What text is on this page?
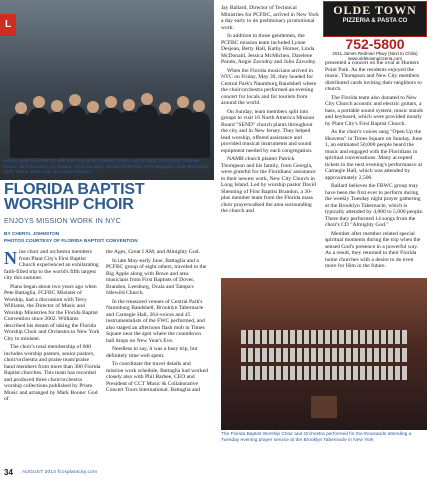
L
Mission team from FBCPC with their host at the Gallery Church. Left to Right: Jack Smith, Darlene Pondo, John Zavodny, Jay Ballard, Angie Zavodny, Jessica McMichen, Pete Battaglia, Linda McDonald, Kathy Horne, Betty Hall, and Lynne Desjean.
FLORIDA BAPTIST WORSHIP CHOIR
ENJOYS MISSION WORK IN NYC
BY CHERYL JOHNSTON
PHOTOS COURTESY OF FLORIDA BAPTIST CONVENTION
N ine choir and orchestra members from Plant City's First Baptist Church experienced an exhilarating faith-filled trip to the world's fifth largest city this summer.

Plans began about two years ago when Pete Battaglia, FCFBC Minister of Worship, had a discussion with Terry Williams, the Director of Music and Worship Ministries for the Florida Baptist Convention since 2002. Williams described his dream of taking the Florida Worship Choir and Orchestra to New York City to minister.

The choir's total membership of 600 includes worship pastors, senior pastors, choir/orchestra and praise team/praise band members from more than 300 Florida Baptist churches. This team has recorded and produced three choir/orchestra worship collections published by Prism Music and arranged by Mark Boone: God of

the Ages, Great I AM, and Almighty God.

In late May-early June, Battaglia and a PCFBC group of eight others, traveled to the Big Apple along with Bowe and area musicians from First Baptists of Dover, Brandon, Leesburg, Ocala and Tampa's Idlewild Church.

In the treasured venues of Central Park's Naumburg Bandshell, Brooklyn Tabernacle and Carnegie Hall, 264-voices and 45 instrumentalists of the FWC performed, and also staged an afternoon flash mob in Times Square near the spot where the countdown ball drops on New Year's Eve.

Needless to say, it was a busy trip, but definitely time well spent.

To coordinate the travel details and mission work schedule, Battaglia had worked closely also with Phil Barbee, CEO and President of CCT Music & Collaborative Concert Tours International. Battaglia and

Jay Ballard, Director of Technical Ministries for PCFBC, arrived in New York a day early to do preliminary promotional work.

In addition to those gentlemen, the PCFBC mission team included Lynne Desjean, Betty Hall, Kathy Horner, Linda McDonald, Jessica McMichen, Darelene Pondo, Angie Zavodny and John Zavodny.

When the Florida musicians arrived in NYC on Friday, May 30, they headed for Central Park's Naumburg Bandshell where the choir/orchestra performed an evening concert for locals and for tourists from around the world.

On Sunday, team members split into groups to visit 16 North America Mission Board "SEND" church plants throughout the city and in New Jersey. They helped lead worship, offered assistance and provided musical instruments and sound equipment needed by each congregation.

NAMB church planter Patrick Thompson and his family, from Georgia, were grateful for the Floridians' assistance to their newest work, New City Church in Long Island. Led by worship pastor David Shenning of First Baptist Brandon, a 30-plus member team from the Florida mass choir prayerwalked the area surrounding the church and

presented a concert on the oval at Hunters Point Park. As the residents enjoyed the music, Thompson and New City members distributed cards inviting their neighbors to church.

The Florida team also donated to New City Church acoustic and electric guitars, a bass, a portable sound system, music stands and keyboard, which were provided mostly by Plant City's First Baptist Church.

As the choir's voices sang "Open Up the Heavens" in Times Square on Sunday, June 1, an estimated 50,000 people heard the music and engaged with the Floridians in spiritual conversations. Many accepted tickets to the next evening's performance at Carnegie Hall, which was attended by approximately 2,500.

Ballard believes the FBWC group may have been the first ever to perform during the weekly Tuesday night prayer gathering at the Brooklyn Tabernacle, which is typically attended by 4,000 to 5,000 people. There they performed 14 songs from the choir's CD "Almighty God."

Member after member related special spiritual moments during the trip when the sensed God's presence in a powerful way. As a result, they returned to their Florida home churches with a desire to do even more for Him in the future.

OLDE TOWN
PIZZERIA & PASTA CO
752-5800
2011 James Redman Pkwy (Next to Chilis)
www.oldetownpizzeria.com
The Florida Baptist Worship Choir and Orchestra performed for the thousands attending a Tuesday evening prayer service at the Brooklyn Tabernacle in New York
34 AUGUST 2014 fccsplantcity.com
